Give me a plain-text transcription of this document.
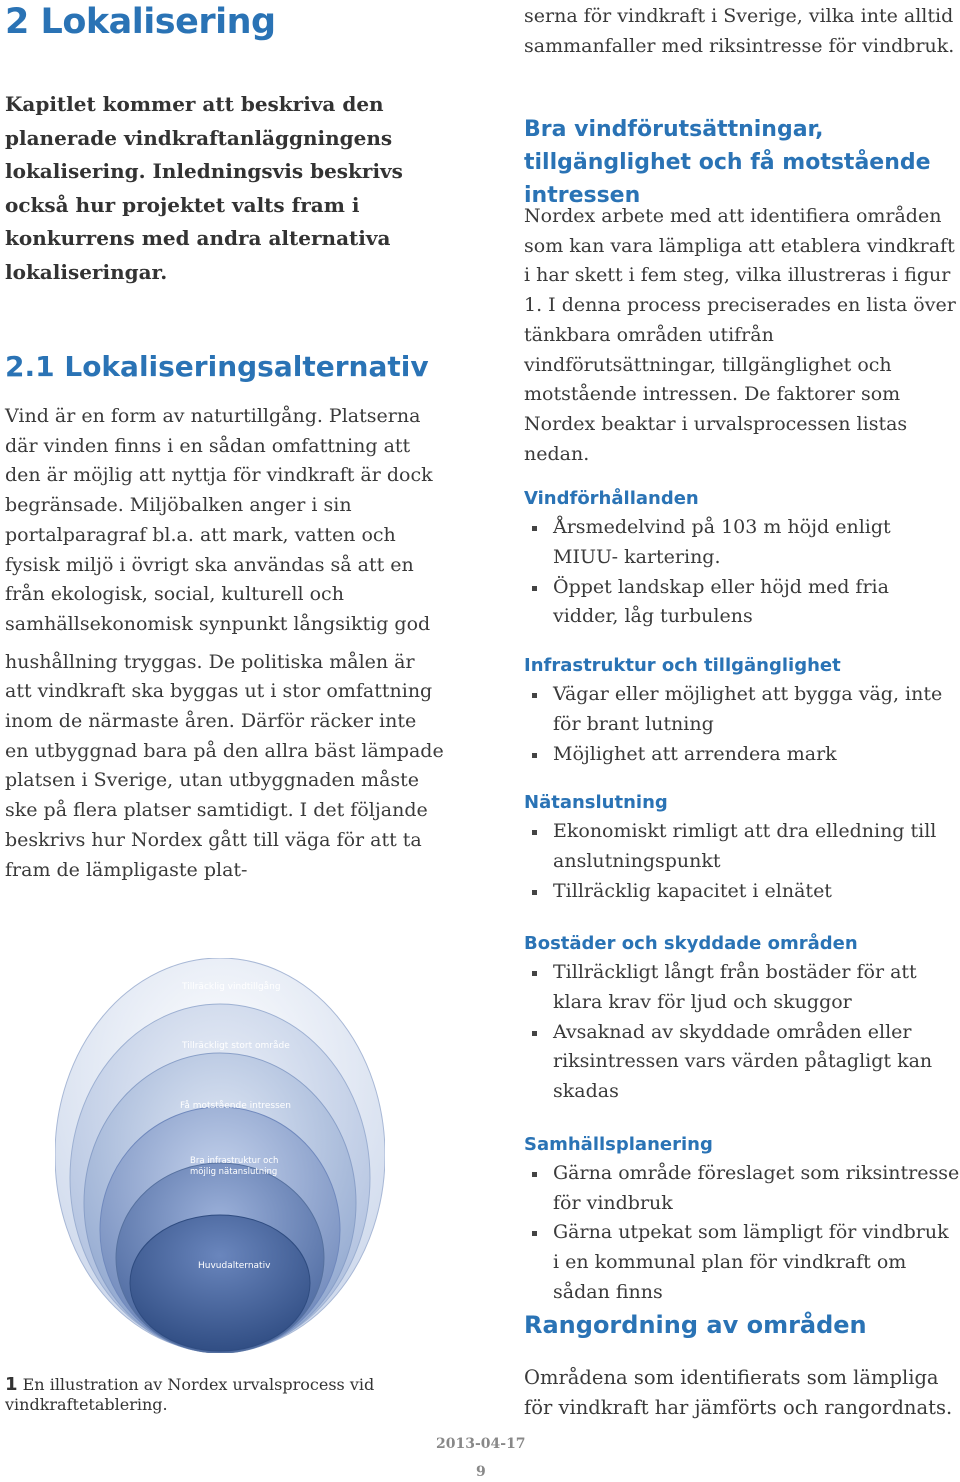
2 Lokalisering

Kapitlet kommer att beskriva den planerade vindkraftanläggningens lokalisering. Inledningsvis beskrivs också hur projektet valts fram i konkurrens med andra alternativa lokaliseringar.

2.1 Lokaliseringsalternativ

Vind är en form av naturtillgång. Platserna där vinden finns i en sådan omfattning att den är möjlig att nyttja för vindkraft är dock begränsade. Miljöbalken anger i sin portalparagraf bl.a. att mark, vatten och fysisk miljö i övrigt ska användas så att en från ekologisk, social, kulturell och samhällsekonomisk synpunkt långsiktig god

hushållning tryggas. De politiska målen är att vindkraft ska byggas ut i stor omfattning inom de närmaste åren. Därför räcker inte en utbyggnad bara på den allra bäst lämpade platsen i Sverige, utan utbyggnaden måste ske på flera platser samtidigt. I det följande beskrivs hur Nordex gått till väga för att ta fram de lämpligaste plat-

Tillräcklig vindtillgång
Tillräckligt stort område
Få motstående intressen
Bra infrastruktur och
möjlig nätanslutning
Huvudalternativ

1 En illustration av Nordex urvalsprocess vid vindkraftetablering.

serna för vindkraft i Sverige, vilka inte alltid sammanfaller med riksintresse för vindbruk.

Bra vindförutsättningar, tillgänglighet och få motstående intressen

Nordex arbete med att identifiera områden som kan vara lämpliga att etablera vindkraft i har skett i fem steg, vilka illustreras i figur 1. I denna process preciserades en lista över tänkbara områden utifrån vindförutsättningar, tillgänglighet och motstående intressen. De faktorer som Nordex beaktar i urvalsprocessen listas nedan.

Vindförhållanden
Årsmedelvind på 103 m höjd enligt MIUU- kartering.
Öppet landskap eller höjd med fria vidder, låg turbulens
Infrastruktur och tillgänglighet
Vägar eller möjlighet att bygga väg, inte för brant lutning
Möjlighet att arrendera mark
Nätanslutning
Ekonomiskt rimligt att dra elledning till anslutningspunkt
Tillräcklig kapacitet i elnätet
Bostäder och skyddade områden
Tillräckligt långt från bostäder för att klara krav för ljud och skuggor
Avsaknad av skyddade områden eller riksintressen vars värden påtagligt kan skadas
Samhällsplanering
Gärna område föreslaget som riksintresse för vindbruk
Gärna utpekat som lämpligt för vindbruk i en kommunal plan för vindkraft om sådan finns
Rangordning av områden

Områdena som identifierats som lämpliga för vindkraft har jämförts och rangordnats.

2013-04-17
9
